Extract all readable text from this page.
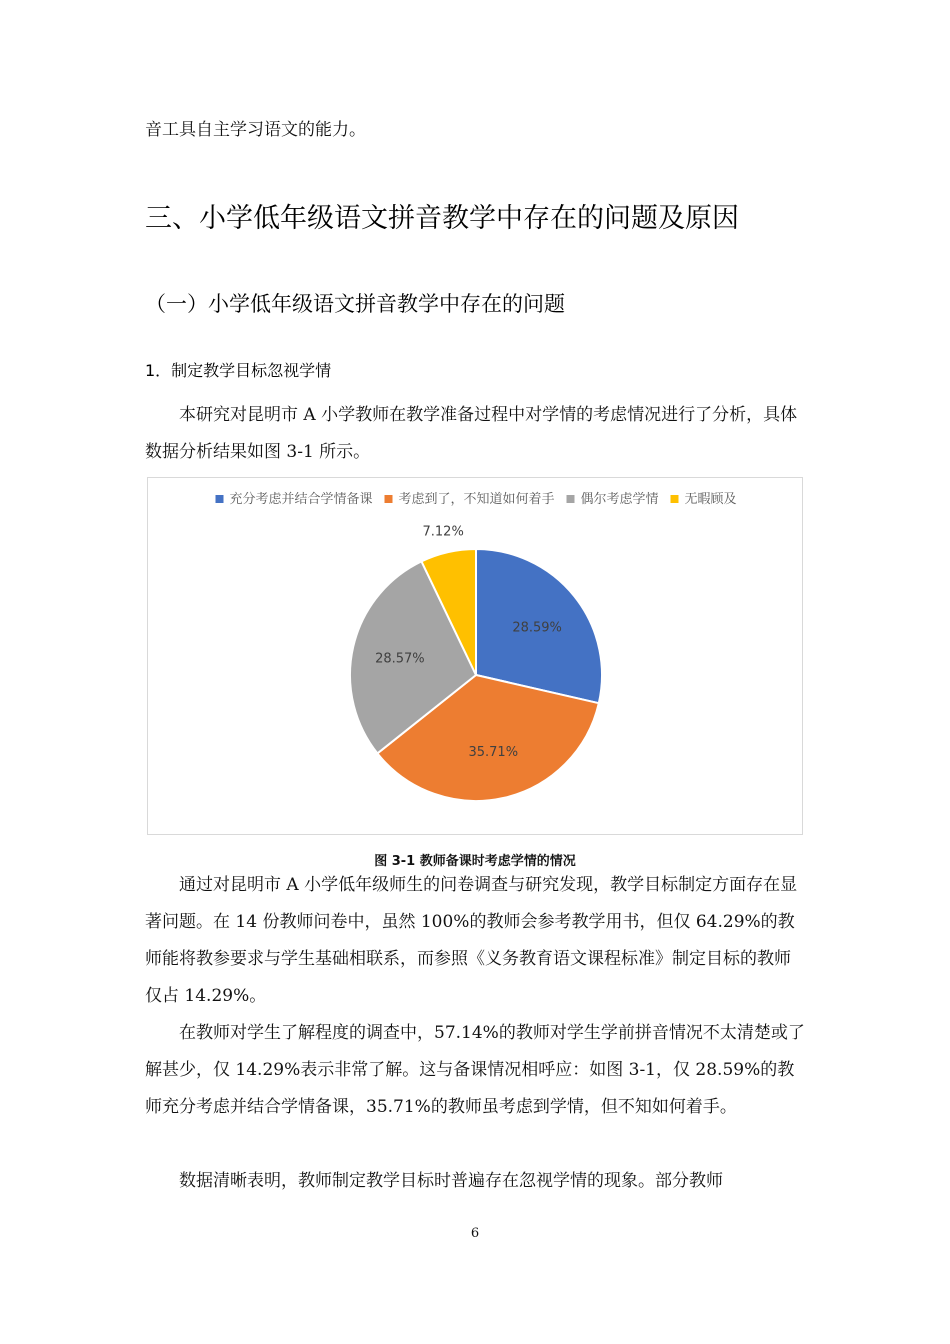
音工具自主学习语文的能力。

三、小学低年级语文拼音教学中存在的问题及原因
（一）小学低年级语文拼音教学中存在的问题
1．制定教学目标忽视学情

本研究对昆明市 A 小学教师在教学准备过程中对学情的考虑情况进行了分析，具体数据分析结果如图 3-1 所示。

充分考虑并结合学情备课 考虑到了，不知道如何着手 偶尔考虑学情 无暇顾及
28.59%
35.71%
28.57%
7.12%
图 3-1 教师备课时考虑学情的情况

通过对昆明市 A 小学低年级师生的问卷调查与研究发现，教学目标制定方面存在显著问题。在 14 份教师问卷中，虽然 100%的教师会参考教学用书，但仅 64.29%的教师能将教参要求与学生基础相联系，而参照《义务教育语文课程标准》制定目标的教师仅占 14.29%。

在教师对学生了解程度的调查中，57.14%的教师对学生学前拼音情况不太清楚或了解甚少，仅 14.29%表示非常了解。这与备课情况相呼应：如图 3-1，仅 28.59%的教师充分考虑并结合学情备课，35.71%的教师虽考虑到学情，但不知如何着手。

数据清晰表明，教师制定教学目标时普遍存在忽视学情的现象。部分教师

6
